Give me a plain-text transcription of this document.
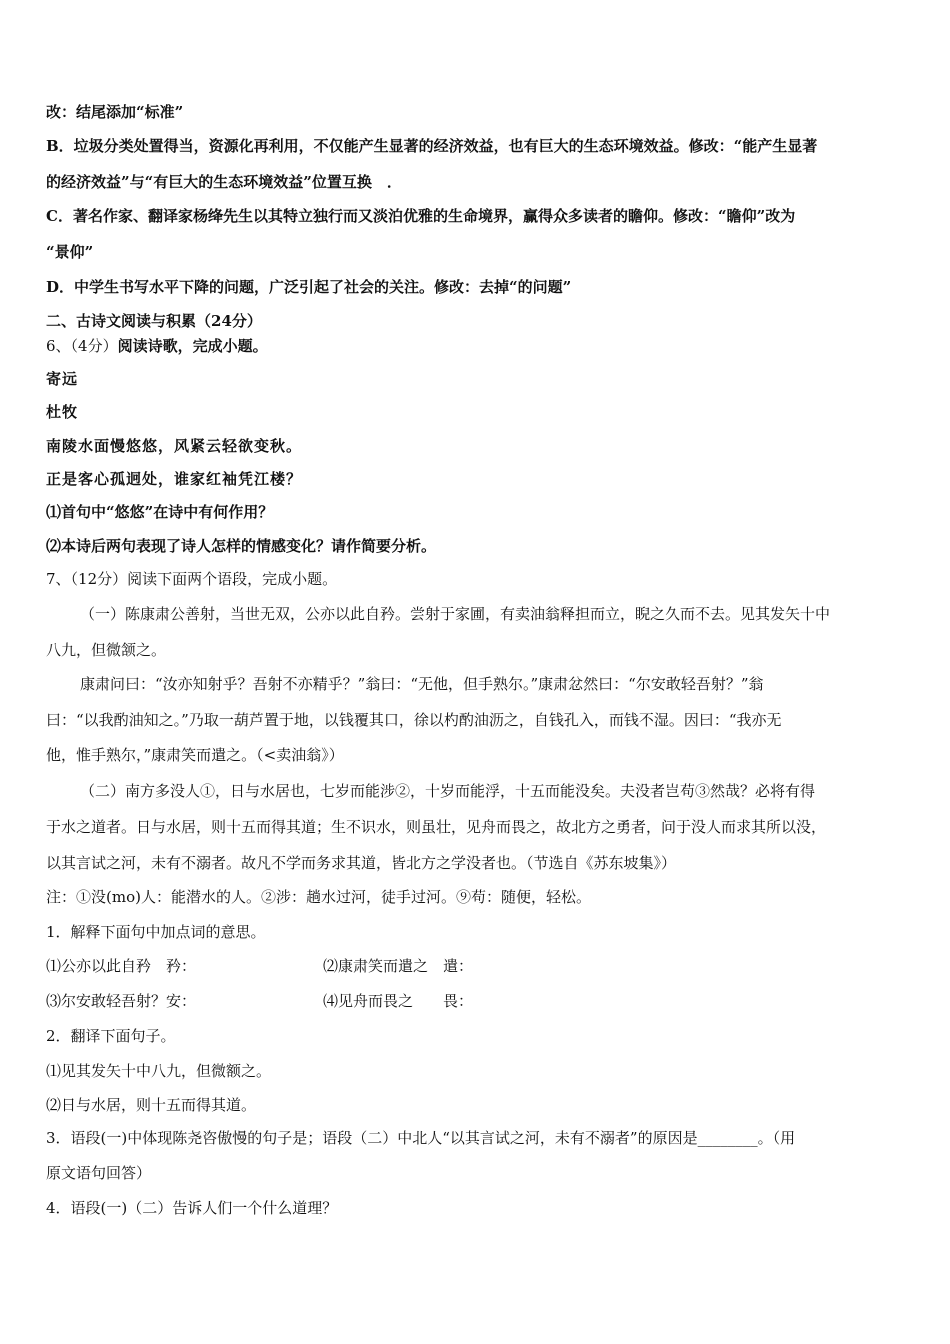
改：结尾添加“标准”
B．垃圾分类处置得当，资源化再利用，不仅能产生显著的经济效益，也有巨大的生态环境效益。修改：“能产生显著
的经济效益”与“有巨大的生态环境效益”位置互换　．
C．著名作家、翻译家杨绛先生以其特立独行而又淡泊优雅的生命境界，赢得众多读者的瞻仰。修改：“瞻仰”改为
“景仰”
D．中学生书写水平下降的问题，广泛引起了社会的关注。修改：去掉“的问题”
二、古诗文阅读与积累（24分）
6、（4分）阅读诗歌，完成小题。
寄远
杜牧
南陵水面慢悠悠，风紧云轻欲变秋。
正是客心孤迥处，谁家红袖凭江楼？
⑴首句中“悠悠”在诗中有何作用？
⑵本诗后两句表现了诗人怎样的情感变化？请作简要分析。
7、（12分）阅读下面两个语段，完成小题。
（一）陈康肃公善射，当世无双，公亦以此自矜。尝射于家圃，有卖油翁释担而立，睨之久而不去。见其发矢十中
八九，但微颔之。
康肃问曰：“汝亦知射乎？吾射不亦精乎？”翁曰：“无他，但手熟尔。”康肃忿然曰：“尔安敢轻吾射？”翁
曰：“以我酌油知之。”乃取一葫芦置于地，以钱覆其口，徐以杓酌油沥之，自钱孔入，而钱不湿。因曰：“我亦无
他，惟手熟尔，”康肃笑而遣之。（<卖油翁》）
（二）南方多没人①，日与水居也，七岁而能涉②，十岁而能浮，十五而能没矣。夫没者岂苟③然哉？必将有得
于水之道者。日与水居，则十五而得其道；生不识水，则虽壮，见舟而畏之，故北方之勇者，问于没人而求其所以没，
以其言试之河，未有不溺者。故凡不学而务求其道，皆北方之学没者也。（节选自《苏东坡集》）
注：①没(mo)人：能潜水的人。②涉：趟水过河，徒手过河。⑨苟：随便，轻松。
1．解释下面句中加点词的意思。
⑴公亦以此自矜　矜：	⑵康肃笑而遣之　遣：
⑶尔安敢轻吾射？安：	⑷见舟而畏之　　畏：
2．翻译下面句子。
⑴见其发矢十中八九，但微额之。
⑵日与水居，则十五而得其道。
3．语段(一)中体现陈尧咨傲慢的句子是；语段（二）中北人“以其言试之河，未有不溺者”的原因是________。（用
原文语句回答）
4．语段(一)（二）告诉人们一个什么道理？
